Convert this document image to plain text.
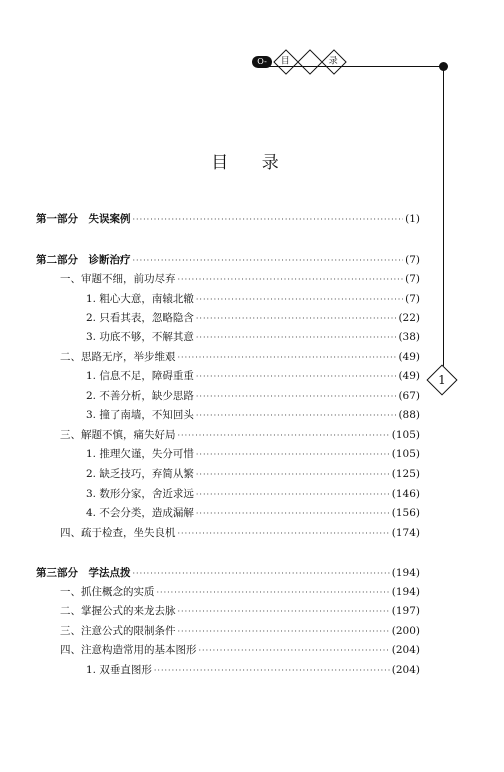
O-	目	录
1
目 录
第一部分　失误案例 ·····	(1)
第二部分　诊断治疗 ·····	(7)
一、审题不细，前功尽弃 ·····	(7)
1. 粗心大意，南辕北辙 ·····	(7)
2. 只看其表，忽略隐含 ·····	(22)
3. 功底不够，不解其意 ·····	(38)
二、思路无序，举步维艰 ·····	(49)
1. 信息不足，障碍重重 ·····	(49)
2. 不善分析，缺少思路 ·····	(67)
3. 撞了南墙，不知回头 ·····	(88)
三、解题不慎，痛失好局 ·····	(105)
1. 推理欠谨，失分可惜 ·····	(105)
2. 缺乏技巧，弃简从繁 ·····	(125)
3. 数形分家，舍近求远 ·····	(146)
4. 不会分类，造成漏解 ·····	(156)
四、疏于检查，坐失良机 ·····	(174)
第三部分　学法点拨 ·····	(194)
一、抓住概念的实质 ·····	(194)
二、掌握公式的来龙去脉 ·····	(197)
三、注意公式的限制条件 ·····	(200)
四、注意构造常用的基本图形 ·····	(204)
1. 双垂直图形 ·····	(204)
